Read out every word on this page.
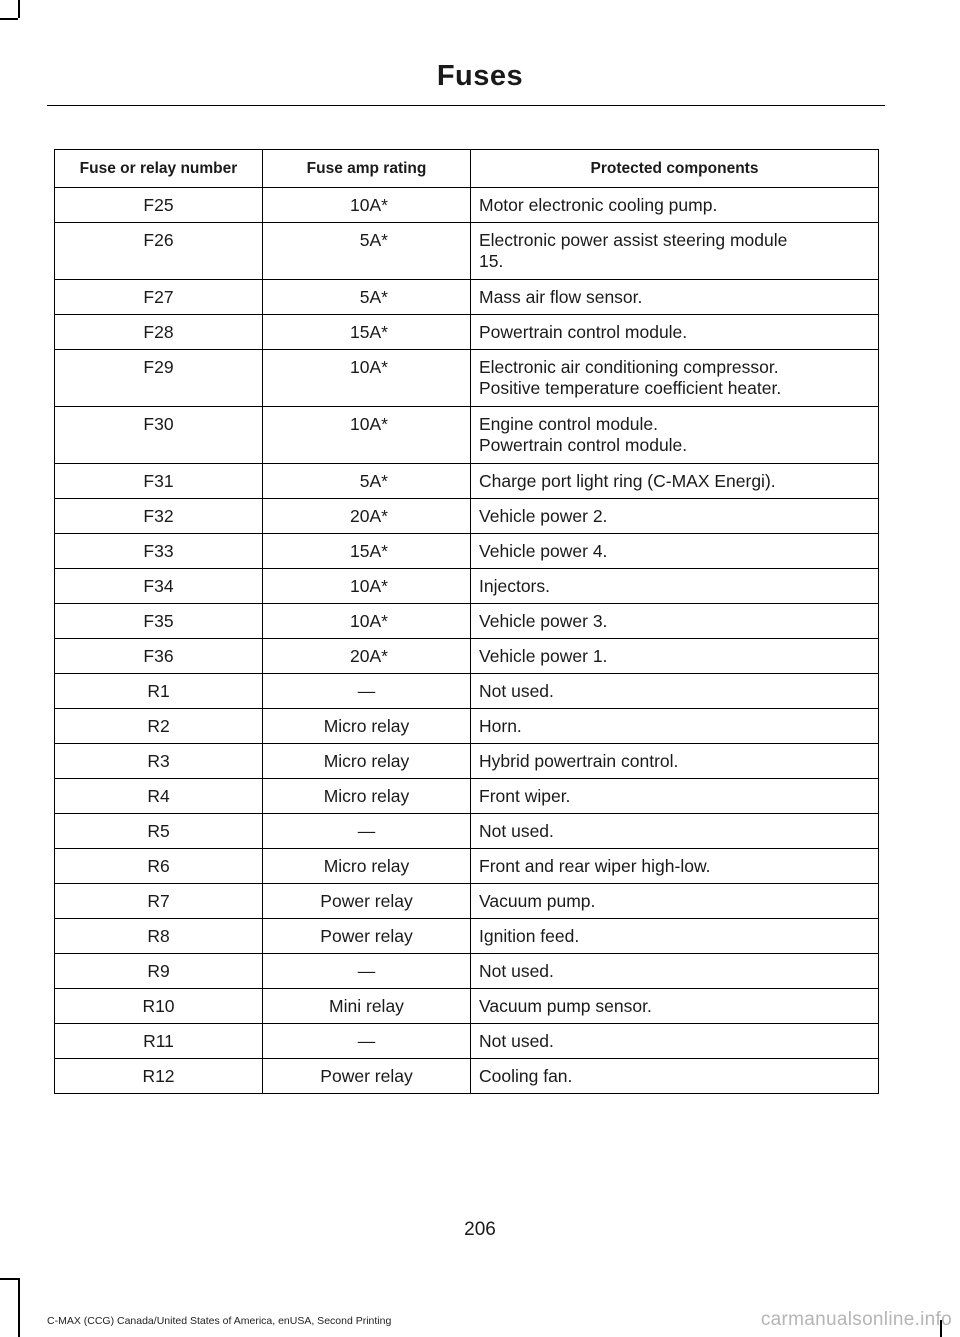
Fuses
Fuse or relay number	Fuse amp rating	Protected components
F25	10A*	Motor electronic cooling pump.

F26	5A*	Electronic power assist steering module
15.

F27	5A*	Mass air flow sensor.

F28	15A*	Powertrain control module.

F29	10A*	Electronic air conditioning compressor.
Positive temperature coefficient heater.

F30	10A*	Engine control module.
Powertrain control module.

F31	5A*	Charge port light ring (C-MAX Energi).

F32	20A*	Vehicle power 2.

F33	15A*	Vehicle power 4.

F34	10A*	Injectors.

F35	10A*	Vehicle power 3.

F36	20A*	Vehicle power 1.

R1	—	Not used.

R2	Micro relay	Horn.

R3	Micro relay	Hybrid powertrain control.

R4	Micro relay	Front wiper.

R5	—	Not used.

R6	Micro relay	Front and rear wiper high-low.

R7	Power relay	Vacuum pump.

R8	Power relay	Ignition feed.

R9	—	Not used.

R10	Mini relay	Vacuum pump sensor.

R11	—	Not used.

R12	Power relay	Cooling fan.
206
C-MAX (CCG) Canada/United States of America, enUSA, Second Printing	carmanualsonline.info
